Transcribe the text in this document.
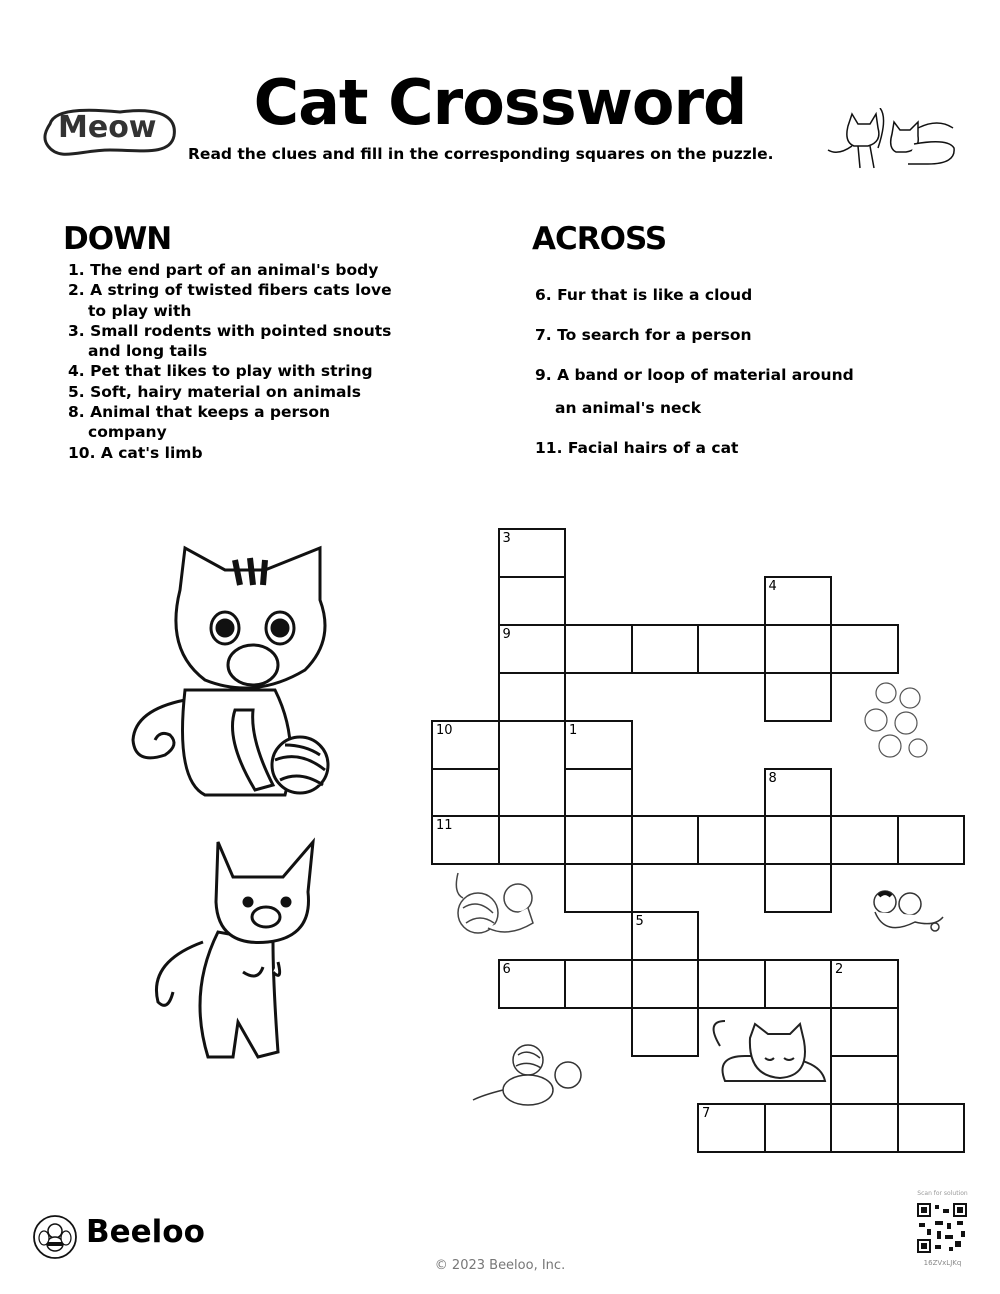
Meow	Cat Crossword
Read the clues and fill in the corresponding squares on the puzzle.
DOWN
1. The end part of an animal's body
2. A string of twisted fibers cats love to play with
3. Small rodents with pointed snouts and long tails
4. Pet that likes to play with string
5. Soft, hairy material on animals
8. Animal that keeps a person company
10. A cat's limb
ACROSS
6. Fur that is like a cloud
7. To search for a person
9. A band or loop of material around
an animal's neck
11. Facial hairs of a cat
3
4
9
10	1
8
11
5
6	2
7
Beeloo
© 2023 Beeloo, Inc.
Scan for solution
16ZVxLJKq
